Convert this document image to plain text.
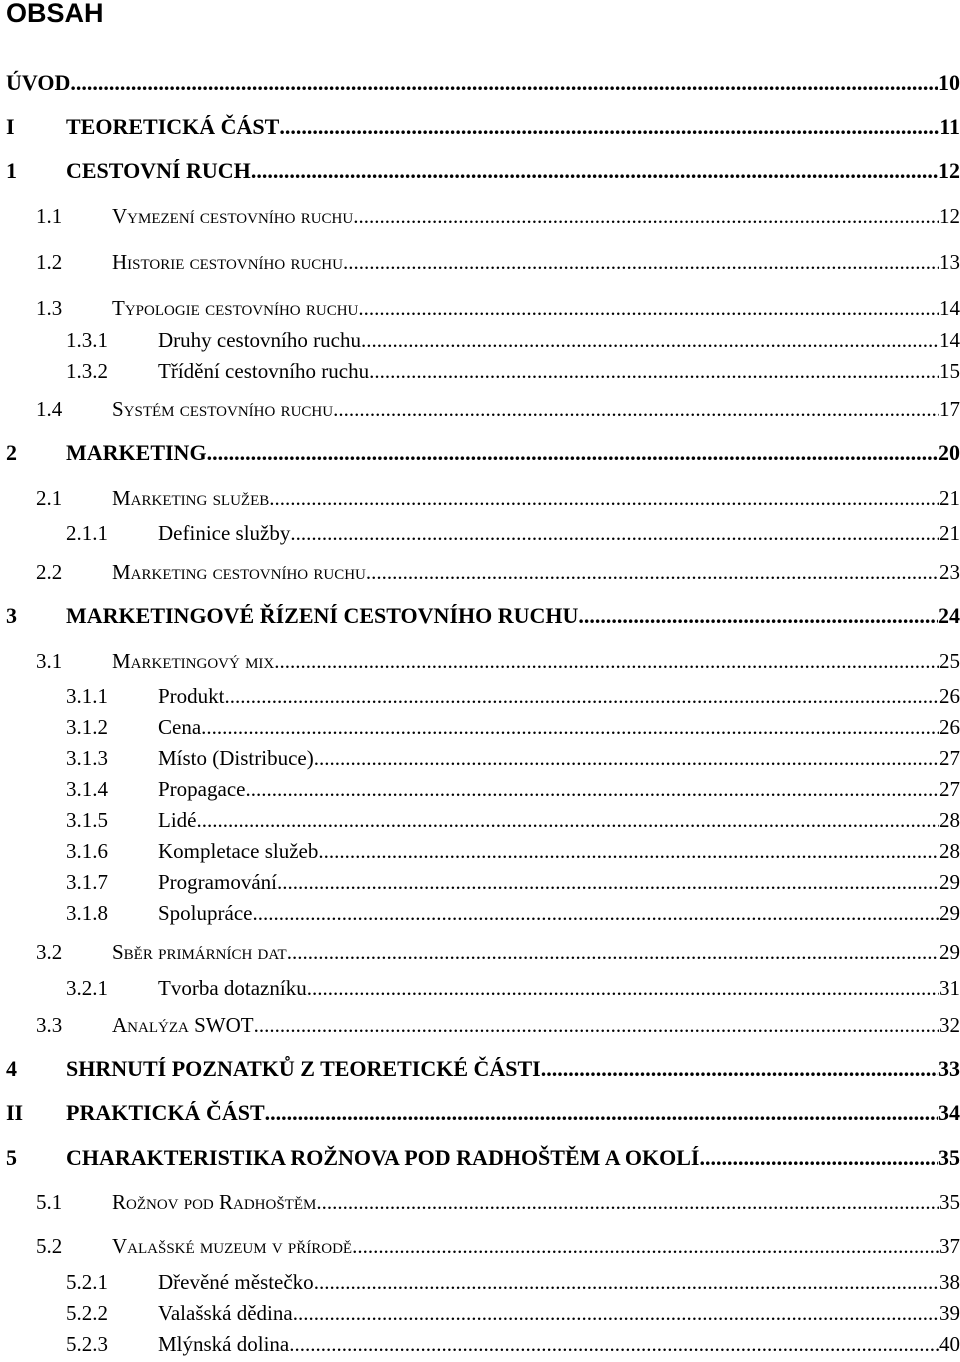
OBSAH
ÚVOD .....	10
I	TEORETICKÁ ČÁST .....	11
1	CESTOVNÍ RUCH .....	12
1.1	Vymezení cestovního ruchu .....	12
1.2	Historie cestovního ruchu .....	13
1.3	Typologie cestovního ruchu .....	14
1.3.1	Druhy cestovního ruchu .....	14
1.3.2	Třídění cestovního ruchu .....	15
1.4	Systém cestovního ruchu .....	17
2	MARKETING .....	20
2.1	Marketing služeb .....	21
2.1.1	Definice služby .....	21
2.2	Marketing cestovního ruchu .....	23
3	MARKETINGOVÉ ŘÍZENÍ CESTOVNÍHO RUCHU .....	24
3.1	Marketingový mix .....	25
3.1.1	Produkt .....	26
3.1.2	Cena .....	26
3.1.3	Místo (Distribuce) .....	27
3.1.4	Propagace .....	27
3.1.5	Lidé .....	28
3.1.6	Kompletace služeb .....	28
3.1.7	Programování .....	29
3.1.8	Spolupráce .....	29
3.2	Sběr primárních dat .....	29
3.2.1	Tvorba dotazníku .....	31
3.3	Analýza SWOT .....	32
4	SHRNUTÍ POZNATKŮ Z TEORETICKÉ ČÁSTI .....	33
II	PRAKTICKÁ ČÁST .....	34
5	CHARAKTERISTIKA ROŽNOVA POD RADHOŠTĚM A OKOLÍ .....	35
5.1	Rožnov pod Radhoštěm .....	35
5.2	Valašské muzeum v přírodě .....	37
5.2.1	Dřevěné městečko .....	38
5.2.2	Valašská dědina .....	39
5.2.3	Mlýnská dolina .....	40
